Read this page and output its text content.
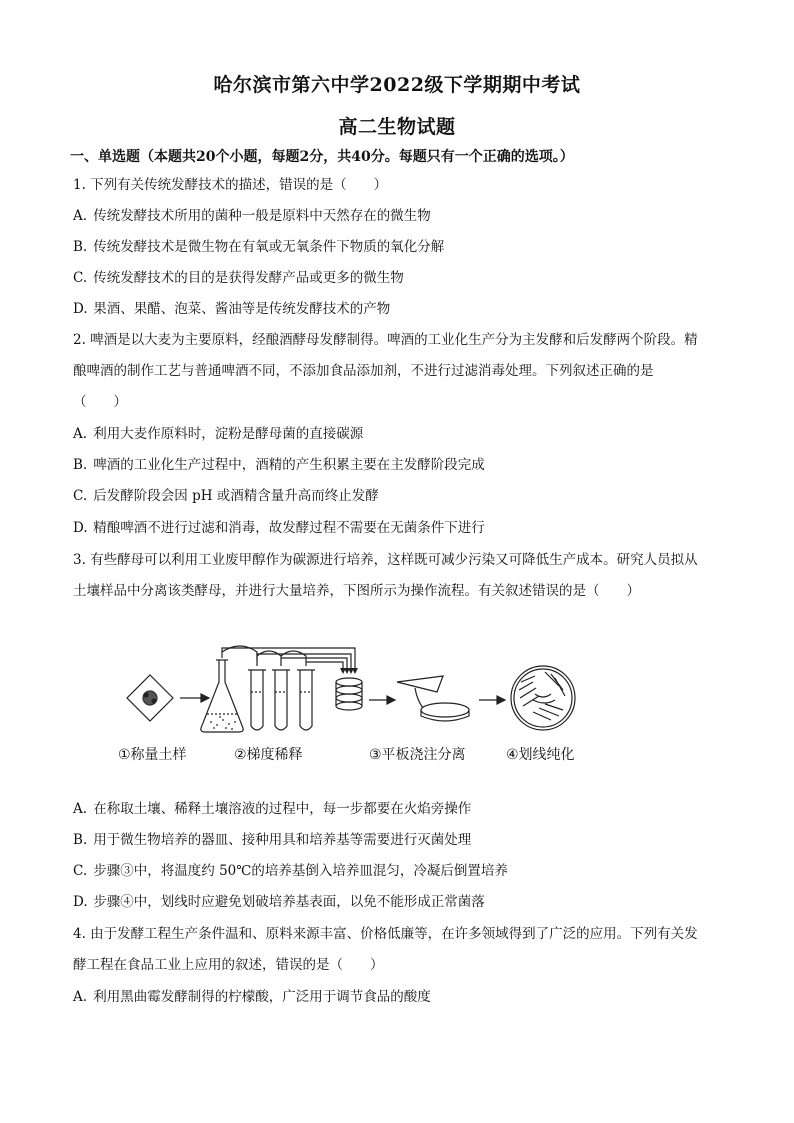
哈尔滨市第六中学2022级下学期期中考试
高二生物试题
一、单选题（本题共20个小题，每题2分，共40分。每题只有一个正确的选项。）
1. 下列有关传统发酵技术的描述，错误的是（　　）
A. 传统发酵技术所用的菌种一般是原料中天然存在的微生物
B. 传统发酵技术是微生物在有氧或无氧条件下物质的氧化分解
C. 传统发酵技术的目的是获得发酵产品或更多的微生物
D. 果酒、果醋、泡菜、酱油等是传统发酵技术的产物
2. 啤酒是以大麦为主要原料，经酿酒酵母发酵制得。啤酒的工业化生产分为主发酵和后发酵两个阶段。精
酿啤酒的制作工艺与普通啤酒不同，不添加食品添加剂，不进行过滤消毒处理。下列叙述正确的是
（　　）
A. 利用大麦作原料时，淀粉是酵母菌的直接碳源
B. 啤酒的工业化生产过程中，酒精的产生积累主要在主发酵阶段完成
C. 后发酵阶段会因 pH 或酒精含量升高而终止发酵
D. 精酿啤酒不进行过滤和消毒，故发酵过程不需要在无菌条件下进行
3. 有些酵母可以利用工业废甲醇作为碳源进行培养，这样既可减少污染又可降低生产成本。研究人员拟从
土壤样品中分离该类酵母，并进行大量培养，下图所示为操作流程。有关叙述错误的是（　　）
①称量土样	②梯度稀释	③平板浇注分离	④划线纯化
A. 在称取土壤、稀释土壤溶液的过程中，每一步都要在火焰旁操作
B. 用于微生物培养的器皿、接种用具和培养基等需要进行灭菌处理
C. 步骤③中，将温度约 50℃的培养基倒入培养皿混匀，冷凝后倒置培养
D. 步骤④中，划线时应避免划破培养基表面，以免不能形成正常菌落
4. 由于发酵工程生产条件温和、原料来源丰富、价格低廉等，在许多领域得到了广泛的应用。下列有关发
酵工程在食品工业上应用的叙述，错误的是（　　）
A. 利用黑曲霉发酵制得的柠檬酸，广泛用于调节食品的酸度
